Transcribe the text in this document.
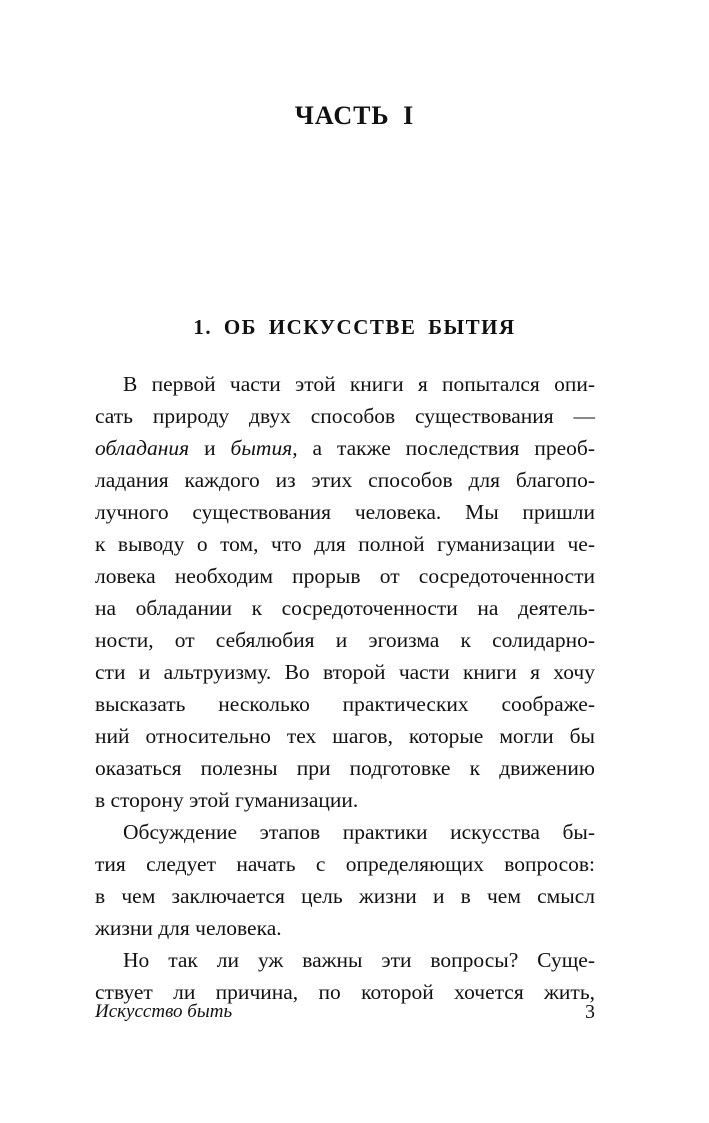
ЧАСТЬ I
1. ОБ ИСКУССТВЕ БЫТИЯ
В первой части этой книги я попытался опи-
сать природу двух способов существования —
обладания и бытия, а также последствия преоб-
ладания каждого из этих способов для благопо-
лучного существования человека. Мы пришли
к выводу о том, что для полной гуманизации че-
ловека необходим прорыв от сосредоточенности
на обладании к сосредоточенности на деятель-
ности, от себялюбия и эгоизма к солидарно-
сти и альтруизму. Во второй части книги я хочу
высказать несколько практических соображе-
ний относительно тех шагов, которые могли бы
оказаться полезны при подготовке к движению
в сторону этой гуманизации.
Обсуждение этапов практики искусства бы-
тия следует начать с определяющих вопросов:
в чем заключается цель жизни и в чем смысл
жизни для человека.
Но так ли уж важны эти вопросы? Суще-
ствует ли причина, по которой хочется жить,
Искусство быть	3
